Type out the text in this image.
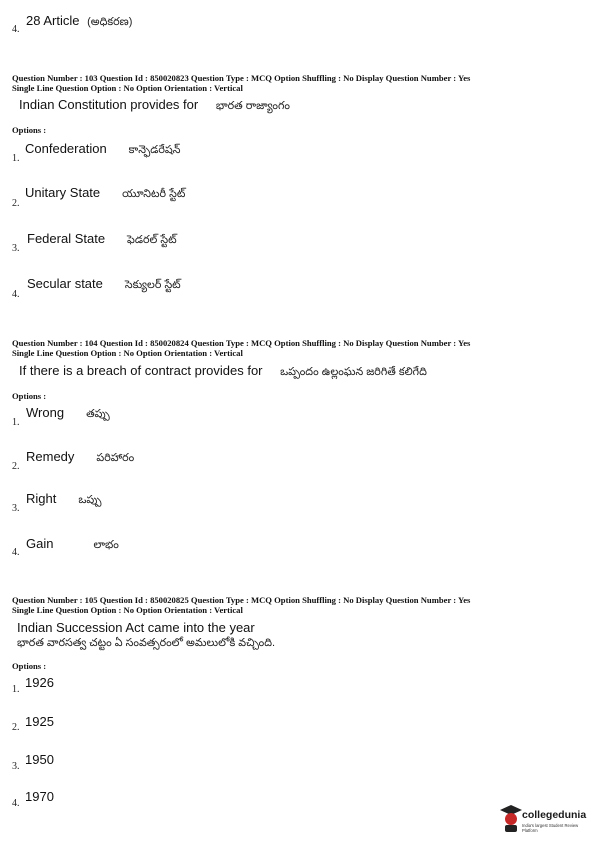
4.
28 Article (అధికరణ)
Question Number : 103 Question Id : 850020823 Question Type : MCQ Option Shuffling : No Display Question Number : Yes
Single Line Question Option : No Option Orientation : Vertical
Indian Constitution provides for భారత రాజ్యాంగం
Options :
1.
Confederation కాన్ఫెడరేషన్
2.
Unitary State యూనిటరీ స్టేట్
3.
Federal State ఫెడరల్ స్టేట్
4.
Secular state సెక్యులర్ స్టేట్
Question Number : 104 Question Id : 850020824 Question Type : MCQ Option Shuffling : No Display Question Number : Yes
Single Line Question Option : No Option Orientation : Vertical
If there is a breach of contract provides for ఒప్పందం ఉల్లంఘన జరిగితే కలిగేది
Options :
1.
Wrong తప్పు
2.
Remedy పరిహారం
3.
Right ఒప్పు
4.
Gain	లాభం
Question Number : 105 Question Id : 850020825 Question Type : MCQ Option Shuffling : No Display Question Number : Yes
Single Line Question Option : No Option Orientation : Vertical
Indian Succession Act came into the year
భారత వారసత్వ చట్టం ఏ సంవత్సరంలో అమలులోకి వచ్చింది.
Options :
1. 1926
2. 1925
3. 1950
4. 1970
collegedunia
India's largest Student Review Platform
